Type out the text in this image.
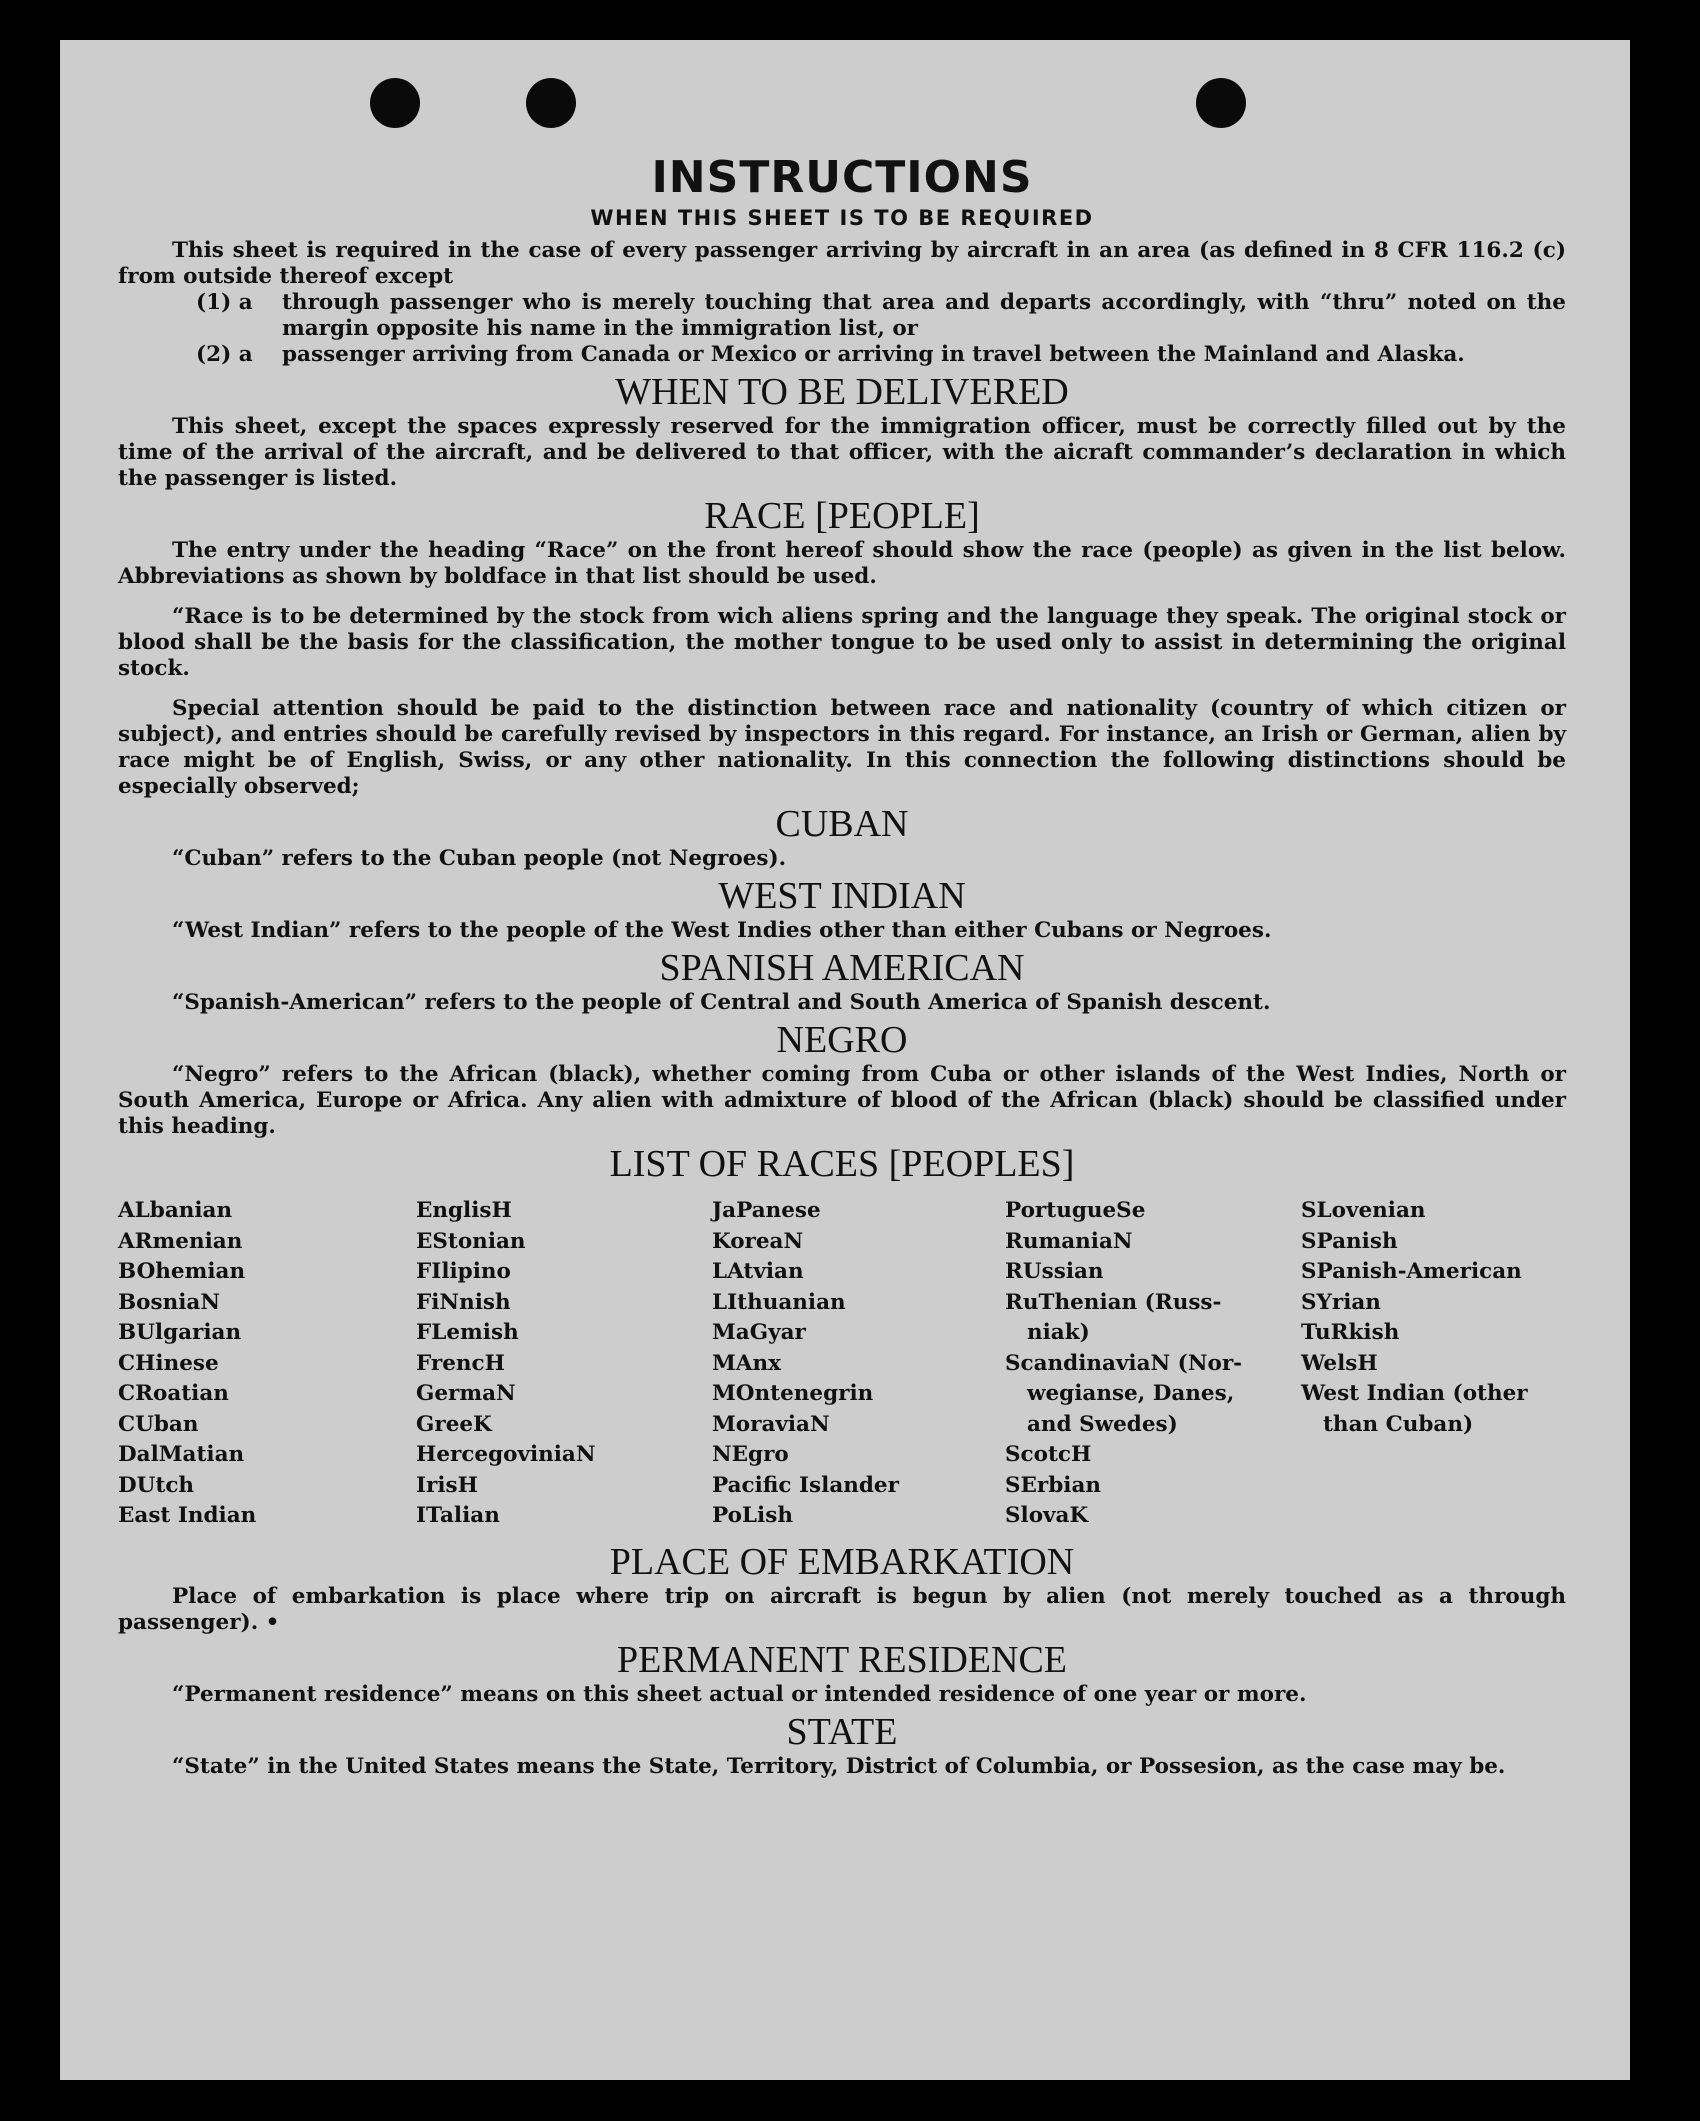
INSTRUCTIONS
WHEN THIS SHEET IS TO BE REQUIRED

This sheet is required in the case of every passenger arriving by aircraft in an area (as defined in 8 CFR 116.2 (c) from outside thereof except

(1) a	through passenger who is merely touching that area and departs accordingly, with “thru” noted on the margin opposite his name in the immigration list, or
(2) a	passenger arriving from Canada or Mexico or arriving in travel between the Mainland and Alaska.
WHEN TO BE DELIVERED

This sheet, except the spaces expressly reserved for the immigration officer, must be correctly filled out by the time of the arrival of the aircraft, and be delivered to that officer, with the aicraft commander’s declaration in which the passenger is listed.

RACE [PEOPLE]

The entry under the heading “Race” on the front hereof should show the race (people) as given in the list below. Abbreviations as shown by boldface in that list should be used.

“Race is to be determined by the stock from wich aliens spring and the language they speak. The original stock or blood shall be the basis for the classification, the mother tongue to be used only to assist in determining the original stock.

Special attention should be paid to the distinction between race and nationality (country of which citizen or subject), and entries should be carefully revised by inspectors in this regard. For instance, an Irish or German, alien by race might be of English, Swiss, or any other nationality. In this connection the following distinctions should be especially observed;

CUBAN

“Cuban” refers to the Cuban people (not Negroes).

WEST INDIAN

“West Indian” refers to the people of the West Indies other than either Cubans or Negroes.

SPANISH AMERICAN

“Spanish-American” refers to the people of Central and South America of Spanish descent.

NEGRO

“Negro” refers to the African (black), whether coming from Cuba or other islands of the West Indies, North or South America, Europe or Africa. Any alien with admixture of blood of the African (black) should be classified under this heading.

LIST OF RACES [PEOPLES]
ALbanian
ARmenian
BOhemian
BosniaN
BUlgarian
CHinese
CRoatian
CUban
DalMatian
DUtch
East Indian
EnglisH
EStonian
FIlipino
FiNnish
FLemish
FrencH
GermaN
GreeK
HercegoviniaN
IrisH
ITalian
JaPanese
KoreaN
LAtvian
LIthuanian
MaGyar
MAnx
MOntenegrin
MoraviaN
NEgro
Pacific Islander
PoLish
PortugueSe
RumaniaN
RUssian
RuThenian (Russ-
niak)
ScandinaviaN (Nor-
wegianse, Danes,
and Swedes)
ScotcH
SErbian
SlovaK
SLovenian
SPanish
SPanish-American
SYrian
TuRkish
WelsH
West Indian (other
than Cuban)
PLACE OF EMBARKATION

Place of embarkation is place where trip on aircraft is begun by alien (not merely touched as a through passenger). •

PERMANENT RESIDENCE

“Permanent residence” means on this sheet actual or intended residence of one year or more.

STATE

“State” in the United States means the State, Territory, District of Columbia, or Possesion, as the case may be.
